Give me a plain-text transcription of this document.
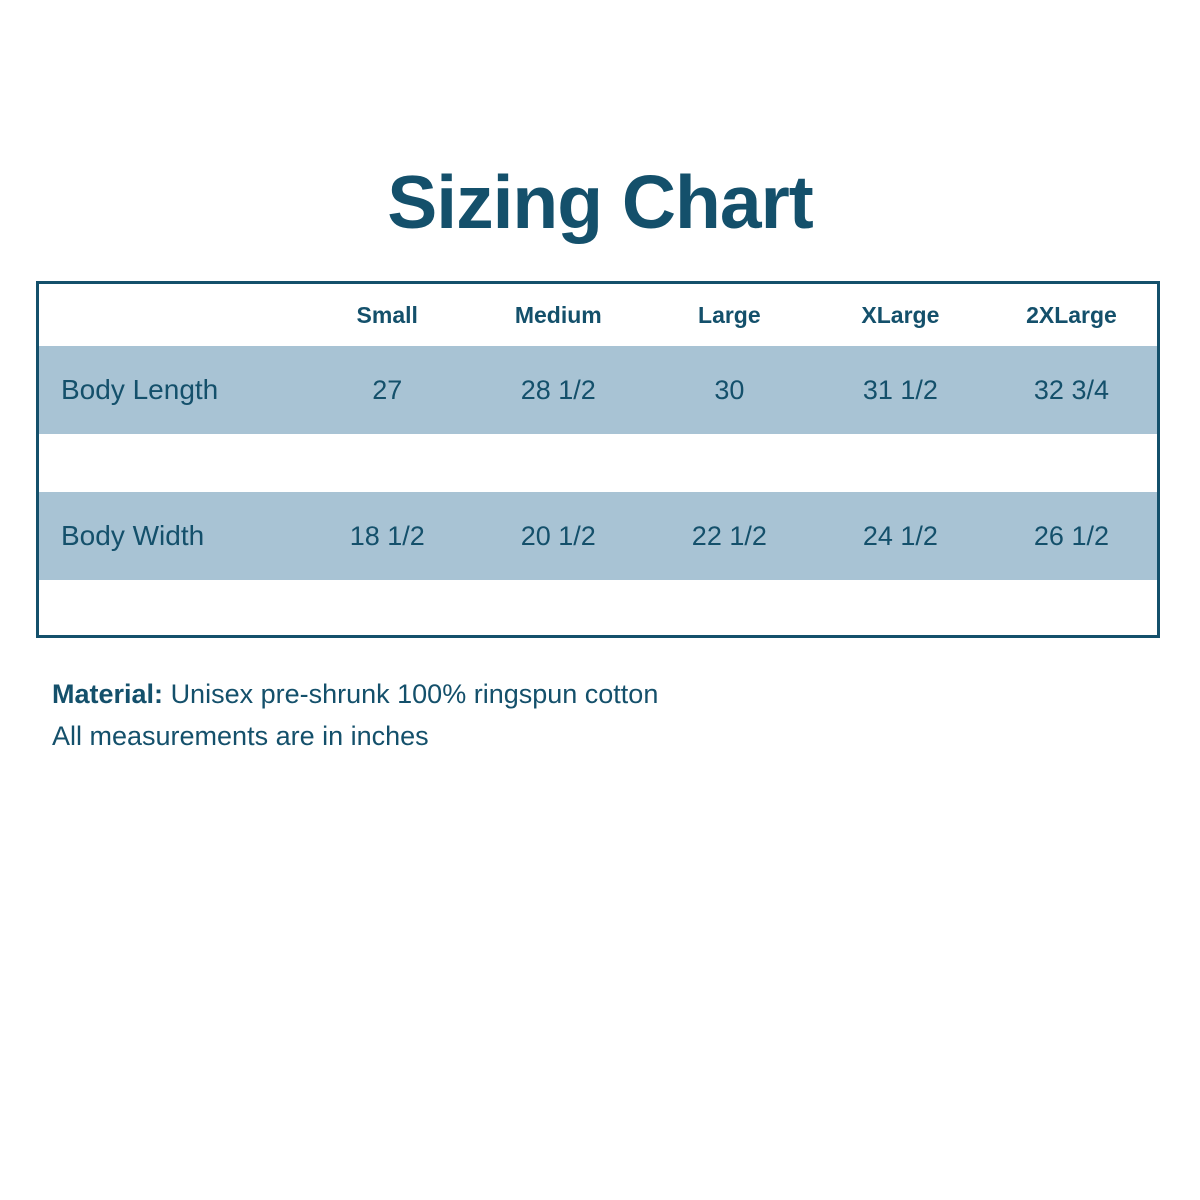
Sizing Chart
	Small	Medium	Large	XLarge	2XLarge
Body Length	27	28 1/2	30	31 1/2	32 3/4

Body Width	18 1/2	20 1/2	22 1/2	24 1/2	26 1/2

Material: Unisex pre-shrunk 100% ringspun cotton
All measurements are in inches
